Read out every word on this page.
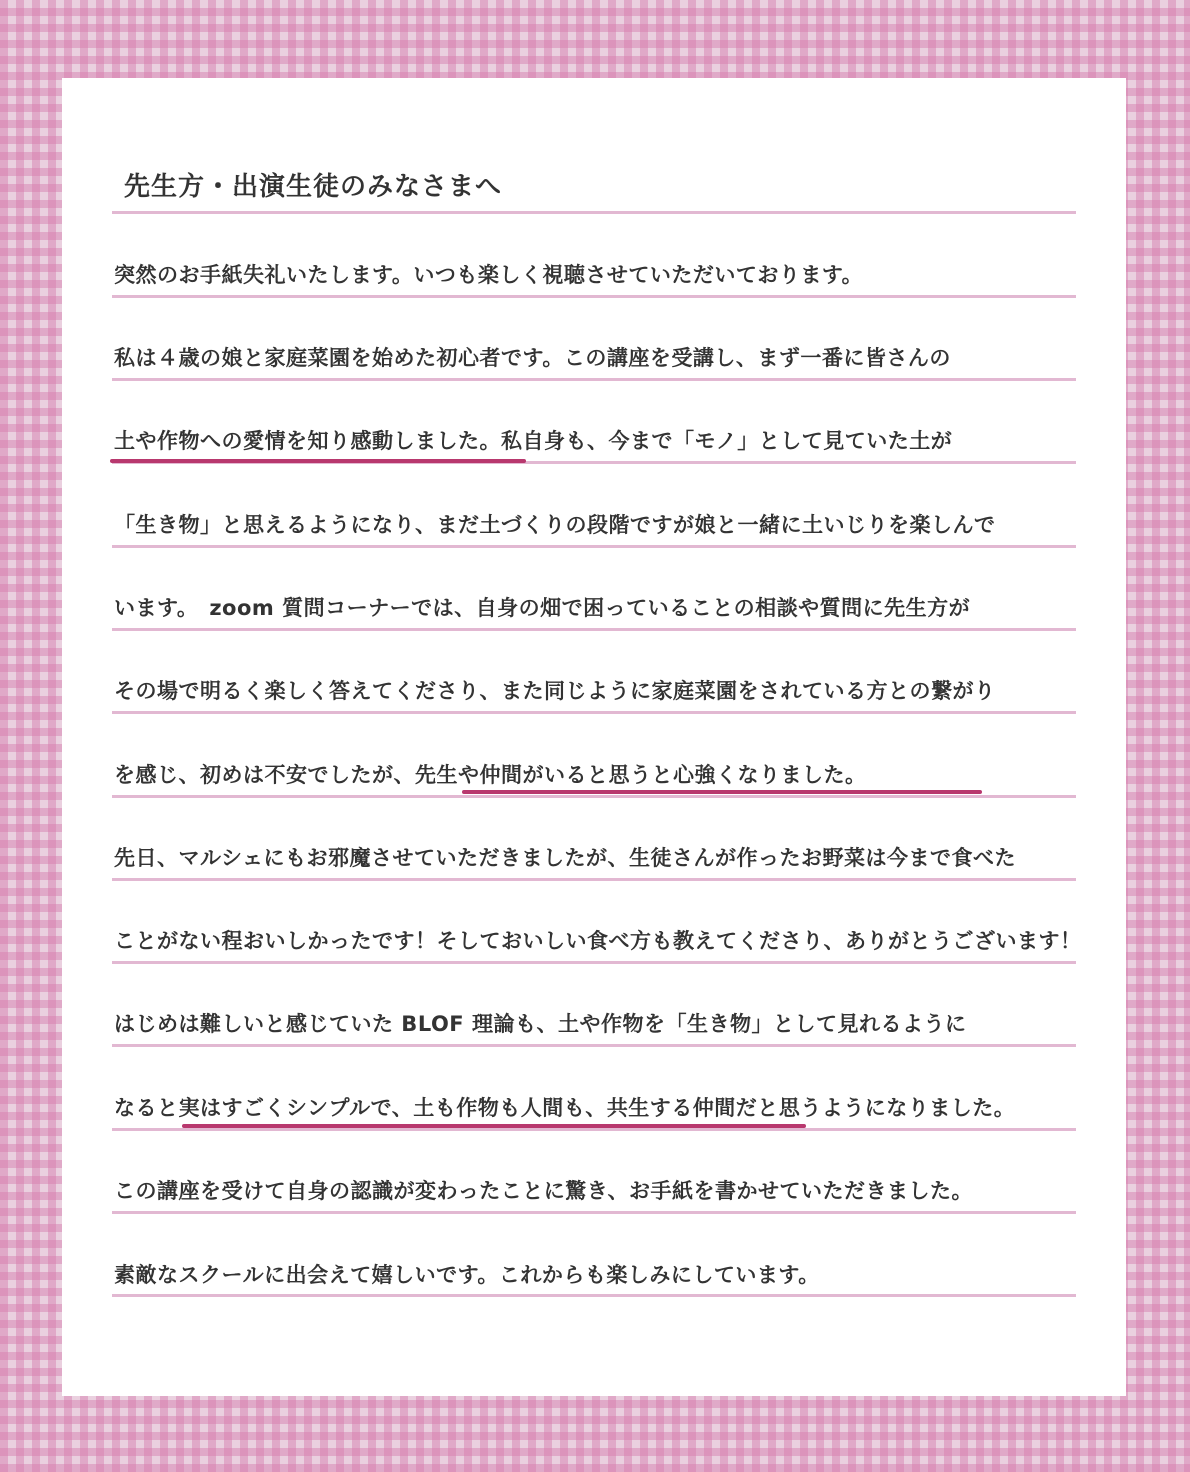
先生方・出演生徒のみなさまへ
突然のお手紙失礼いたします。いつも楽しく視聴させていただいております。
私は４歳の娘と家庭菜園を始めた初心者です。この講座を受講し、まず一番に皆さんの
土や作物への愛情を知り感動しました。私自身も、今まで「モノ」として見ていた土が
「生き物」と思えるようになり、まだ土づくりの段階ですが娘と一緒に土いじりを楽しんで
います。　zoom 質問コーナーでは、自身の畑で困っていることの相談や質問に先生方が
その場で明るく楽しく答えてくださり、また同じように家庭菜園をされている方との繋がり
を感じ、初めは不安でしたが、先生や仲間がいると思うと心強くなりました。
先日、マルシェにもお邪魔させていただきましたが、生徒さんが作ったお野菜は今まで食べた
ことがない程おいしかったです！そしておいしい食べ方も教えてくださり、ありがとうございます！
はじめは難しいと感じていた BLOF 理論も、土や作物を「生き物」として見れるように
なると実はすごくシンプルで、土も作物も人間も、共生する仲間だと思うようになりました。
この講座を受けて自身の認識が変わったことに驚き、お手紙を書かせていただきました。
素敵なスクールに出会えて嬉しいです。これからも楽しみにしています。
